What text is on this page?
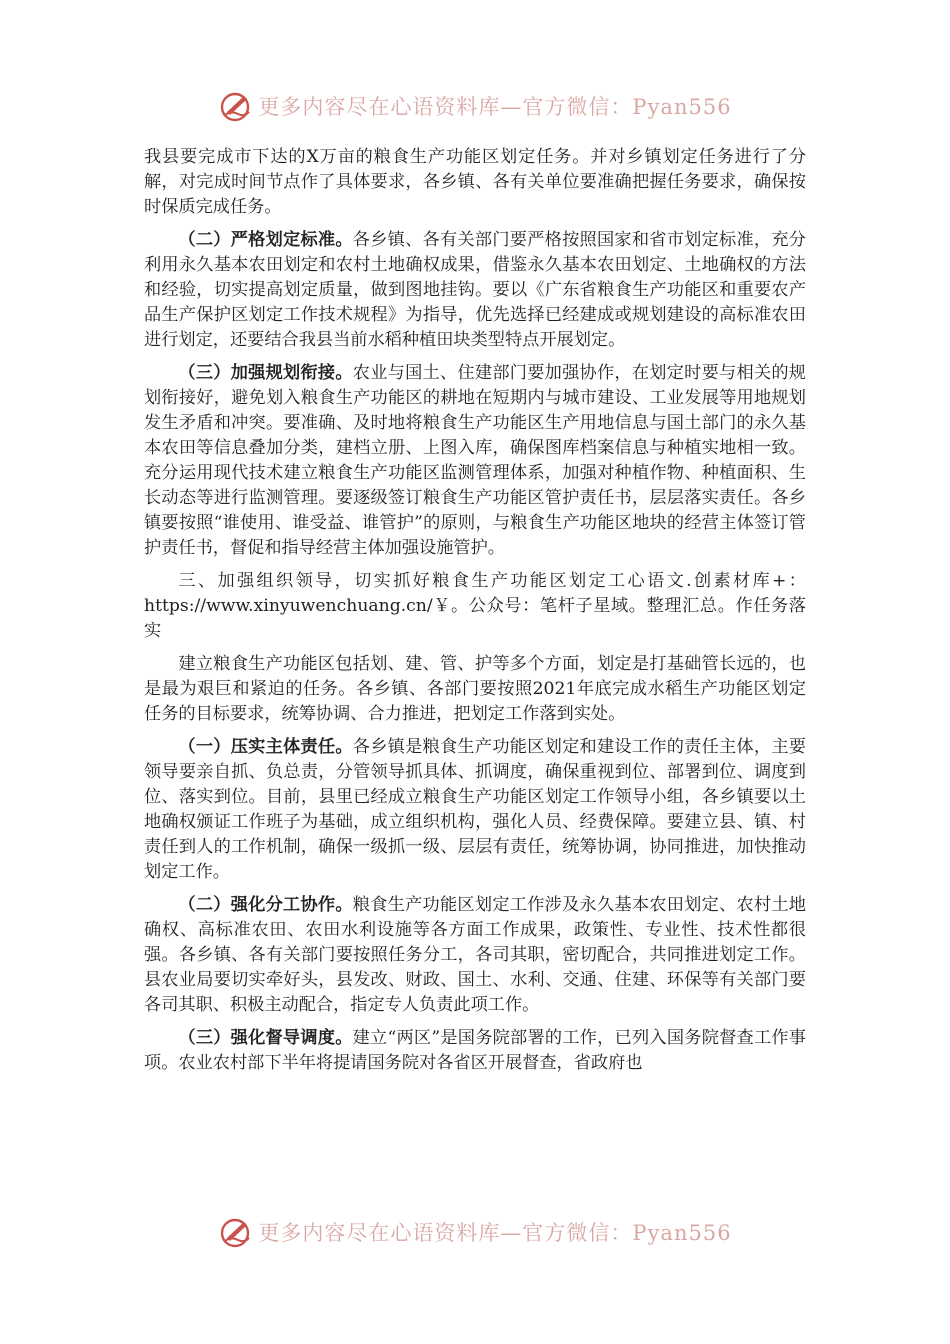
更多内容尽在心语资料库—官方微信：Pyan556

我县要完成市下达的X万亩的粮食生产功能区划定任务。并对乡镇划定任务进行了分解，对完成时间节点作了具体要求，各乡镇、各有关单位要准确把握任务要求，确保按时保质完成任务。

（二）严格划定标准。各乡镇、各有关部门要严格按照国家和省市划定标准，充分利用永久基本农田划定和农村土地确权成果，借鉴永久基本农田划定、土地确权的方法和经验，切实提高划定质量，做到图地挂钩。要以《广东省粮食生产功能区和重要农产品生产保护区划定工作技术规程》为指导，优先选择已经建成或规划建设的高标准农田进行划定，还要结合我县当前水稻种植田块类型特点开展划定。

（三）加强规划衔接。农业与国土、住建部门要加强协作，在划定时要与相关的规划衔接好，避免划入粮食生产功能区的耕地在短期内与城市建设、工业发展等用地规划发生矛盾和冲突。要准确、及时地将粮食生产功能区生产用地信息与国土部门的永久基本农田等信息叠加分类，建档立册、上图入库，确保图库档案信息与种植实地相一致。充分运用现代技术建立粮食生产功能区监测管理体系，加强对种植作物、种植面积、生长动态等进行监测管理。要逐级签订粮食生产功能区管护责任书，层层落实责任。各乡镇要按照“谁使用、谁受益、谁管护”的原则，与粮食生产功能区地块的经营主体签订管护责任书，督促和指导经营主体加强设施管护。

三、加强组织领导，切实抓好粮食生产功能区划定工心语文.创素材库+：https://www.xinyuwenchuang.cn/￥。公众号：笔杆子星域。整理汇总。作任务落实

建立粮食生产功能区包括划、建、管、护等多个方面，划定是打基础管长远的，也是最为艰巨和紧迫的任务。各乡镇、各部门要按照2021年底完成水稻生产功能区划定任务的目标要求，统筹协调、合力推进，把划定工作落到实处。

（一）压实主体责任。各乡镇是粮食生产功能区划定和建设工作的责任主体，主要领导要亲自抓、负总责，分管领导抓具体、抓调度，确保重视到位、部署到位、调度到位、落实到位。目前，县里已经成立粮食生产功能区划定工作领导小组，各乡镇要以土地确权颁证工作班子为基础，成立组织机构，强化人员、经费保障。要建立县、镇、村责任到人的工作机制，确保一级抓一级、层层有责任，统筹协调，协同推进，加快推动划定工作。

（二）强化分工协作。粮食生产功能区划定工作涉及永久基本农田划定、农村土地确权、高标准农田、农田水利设施等各方面工作成果，政策性、专业性、技术性都很强。各乡镇、各有关部门要按照任务分工，各司其职，密切配合，共同推进划定工作。县农业局要切实牵好头，县发改、财政、国土、水利、交通、住建、环保等有关部门要各司其职、积极主动配合，指定专人负责此项工作。

（三）强化督导调度。建立“两区”是国务院部署的工作，已列入国务院督查工作事项。农业农村部下半年将提请国务院对各省区开展督查，省政府也

更多内容尽在心语资料库—官方微信：Pyan556
